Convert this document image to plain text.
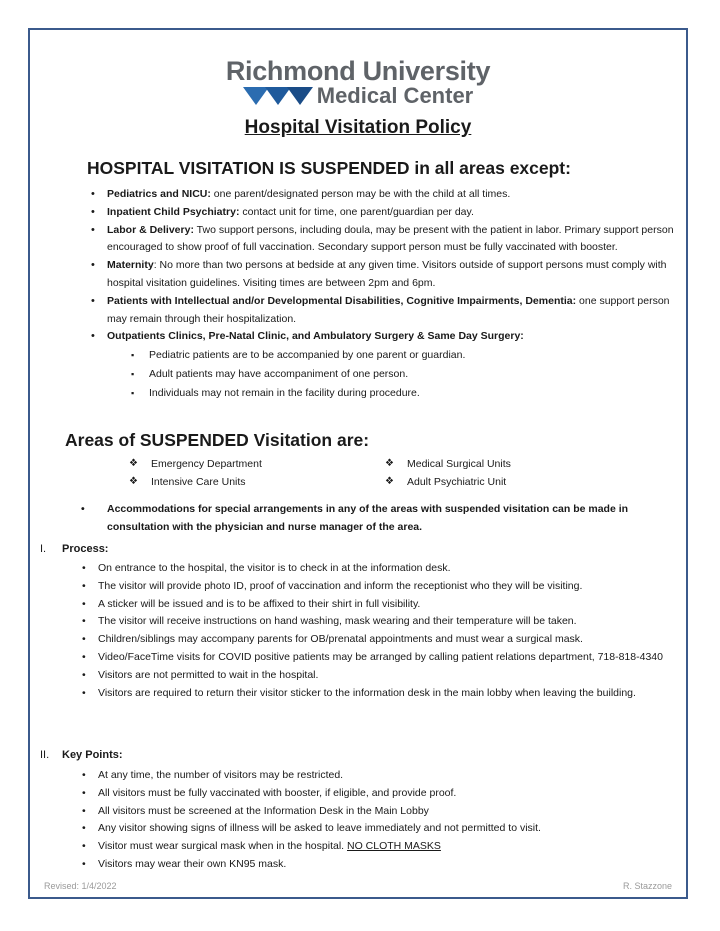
Richmond University
Medical Center
Hospital Visitation Policy
HOSPITAL VISITATION IS SUSPENDED in all areas except:
• Pediatrics and NICU: one parent/designated person may be with the child at all times.
• Inpatient Child Psychiatry: contact unit for time, one parent/guardian per day.
• Labor & Delivery: Two support persons, including doula, may be present with the patient in labor. Primary support person encouraged to show proof of full vaccination. Secondary support person must be fully vaccinated with booster.
• Maternity: No more than two persons at bedside at any given time. Visitors outside of support persons must comply with hospital visitation guidelines. Visiting times are between 2pm and 6pm.
• Patients with Intellectual and/or Developmental Disabilities, Cognitive Impairments, Dementia: one support person may remain through their hospitalization.
• Outpatients Clinics, Pre-Natal Clinic, and Ambulatory Surgery & Same Day Surgery:
▪ Pediatric patients are to be accompanied by one parent or guardian.
▪ Adult patients may have accompaniment of one person.
▪ Individuals may not remain in the facility during procedure.
Areas of SUSPENDED Visitation are:
❖ Emergency Department	❖ Medical Surgical Units
❖ Intensive Care Units	❖ Adult Psychiatric Unit
•	Accommodations for special arrangements in any of the areas with suspended visitation can be made in consultation with the physician and nurse manager of the area.
I. Process:
• On entrance to the hospital, the visitor is to check in at the information desk.
• The visitor will provide photo ID, proof of vaccination and inform the receptionist who they will be visiting.
• A sticker will be issued and is to be affixed to their shirt in full visibility.
• The visitor will receive instructions on hand washing, mask wearing and their temperature will be taken.
• Children/siblings may accompany parents for OB/prenatal appointments and must wear a surgical mask.
• Video/FaceTime visits for COVID positive patients may be arranged by calling patient relations department, 718-818-4340
• Visitors are not permitted to wait in the hospital.
• Visitors are required to return their visitor sticker to the information desk in the main lobby when leaving the building.
II. Key Points:
• At any time, the number of visitors may be restricted.
• All visitors must be fully vaccinated with booster, if eligible, and provide proof.
• All visitors must be screened at the Information Desk in the Main Lobby
• Any visitor showing signs of illness will be asked to leave immediately and not permitted to visit.
• Visitor must wear surgical mask when in the hospital. NO CLOTH MASKS
• Visitors may wear their own KN95 mask.
Revised: 1/4/2022	R. Stazzone
